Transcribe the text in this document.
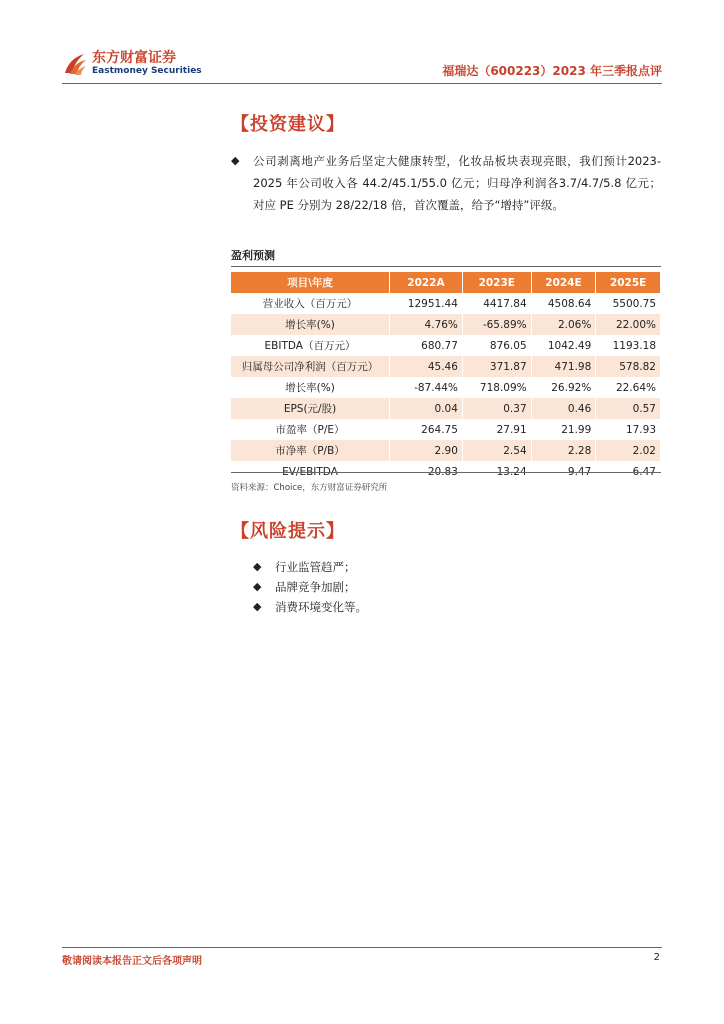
东方财富证券
Eastmoney Securities	福瑞达（600223）2023 年三季报点评
【投资建议】
◆ 公司剥离地产业务后坚定大健康转型，化妆品板块表现亮眼，我们预计2023-2025 年公司收入各 44.2/45.1/55.0 亿元；归母净利润各3.7/4.7/5.8 亿元；对应 PE 分别为 28/22/18 倍，首次覆盖，给予“增持”评级。
盈利预测
项目\年度	2022A	2023E	2024E	2025E
营业收入（百万元）	12951.44	4417.84	4508.64	5500.75
增长率(%)	4.76%	-65.89%	2.06%	22.00%
EBITDA（百万元）	680.77	876.05	1042.49	1193.18
归属母公司净利润（百万元）	45.46	371.87	471.98	578.82
增长率(%)	-87.44%	718.09%	26.92%	22.64%
EPS(元/股)	0.04	0.37	0.46	0.57
市盈率（P/E）	264.75	27.91	21.99	17.93
市净率（P/B）	2.90	2.54	2.28	2.02
EV/EBITDA	20.83	13.24	9.47	6.47
资料来源：Choice，东方财富证券研究所
【风险提示】
◆	行业监管趋严；
◆	品牌竞争加剧；
◆	消费环境变化等。
敬请阅读本报告正文后各项声明	2
